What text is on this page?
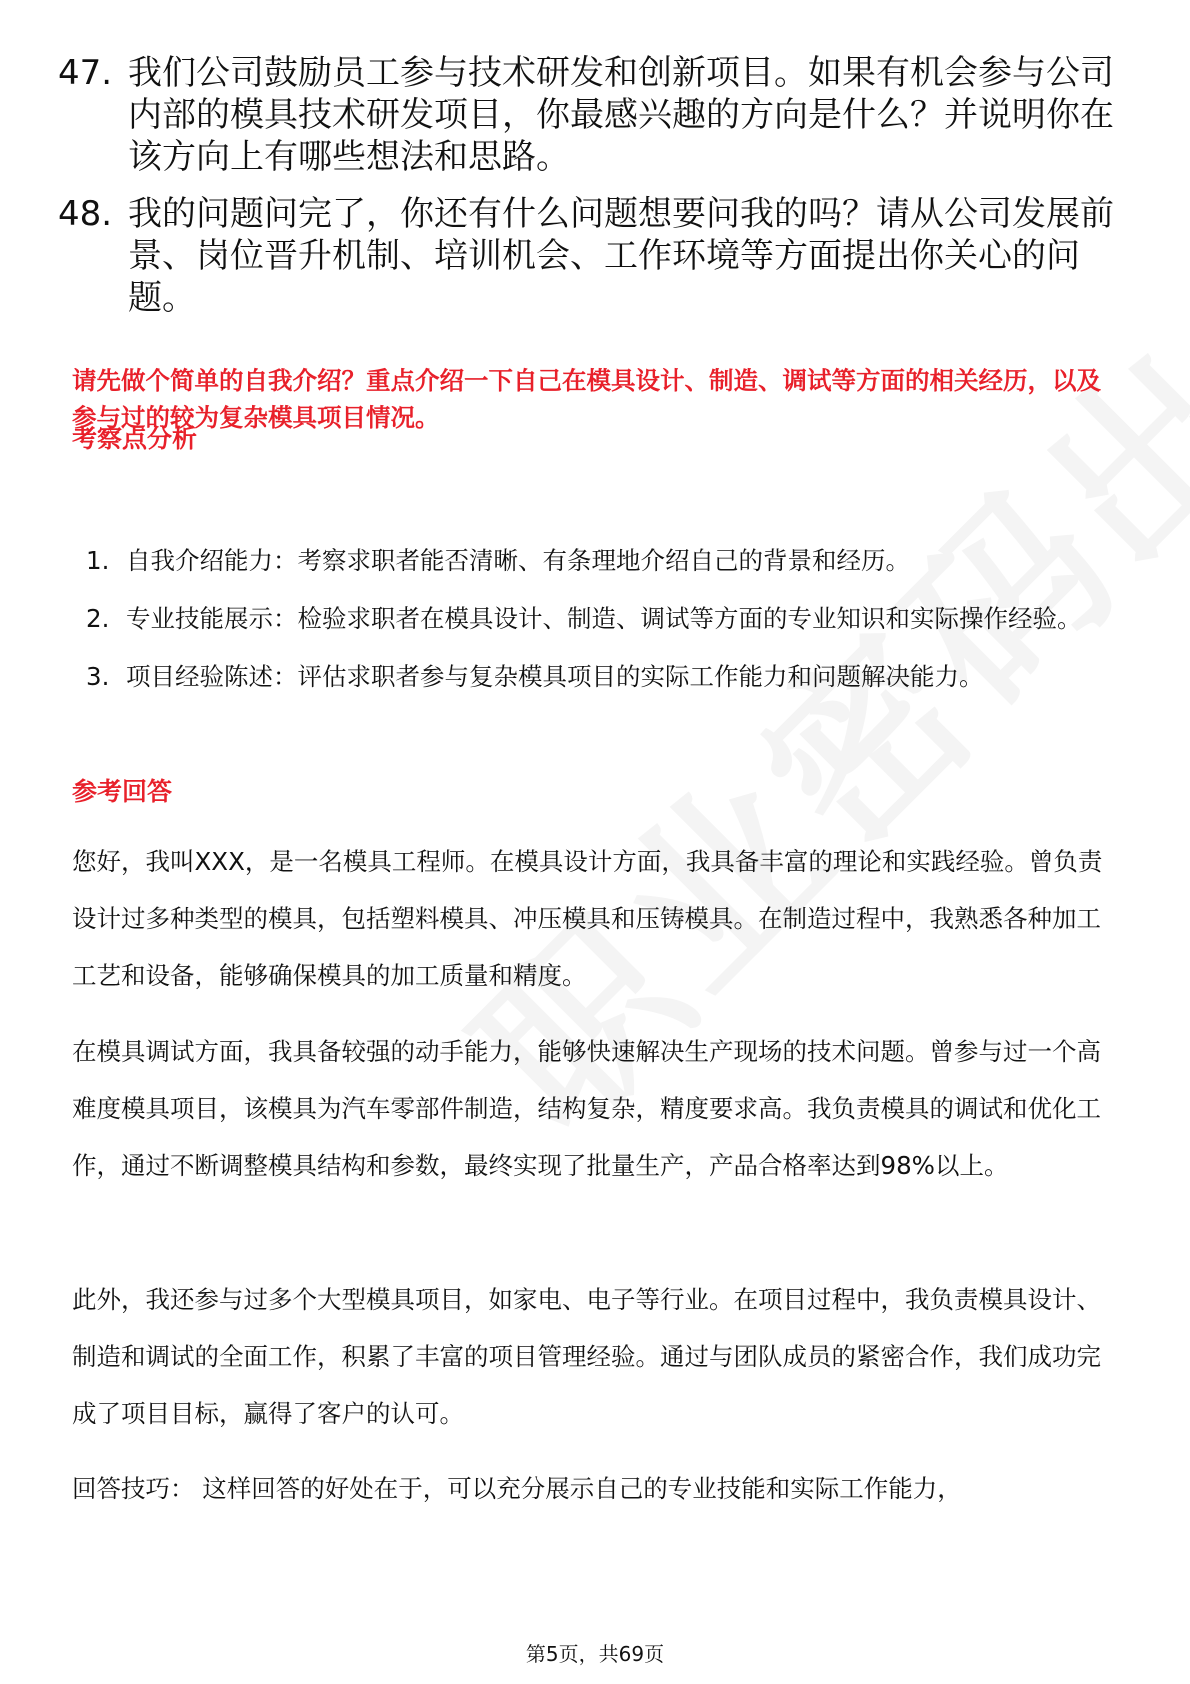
47. 我们公司鼓励员工参与技术研发和创新项目。如果有机会参与公司内部的模具技术研发项目，你最感兴趣的方向是什么？并说明你在该方向上有哪些想法和思路。
48. 我的问题问完了，你还有什么问题想要问我的吗？请从公司发展前景、岗位晋升机制、培训机会、工作环境等方面提出你关心的问题。
请先做个简单的自我介绍？重点介绍一下自己在模具设计、制造、调试等方面的相关经历，以及参与过的较为复杂模具项目情况。
考察点分析
1. 自我介绍能力：考察求职者能否清晰、有条理地介绍自己的背景和经历。
2. 专业技能展示：检验求职者在模具设计、制造、调试等方面的专业知识和实际操作经验。
3. 项目经验陈述：评估求职者参与复杂模具项目的实际工作能力和问题解决能力。
参考回答
您好，我叫XXX，是一名模具工程师。在模具设计方面，我具备丰富的理论和实践经验。曾负责设计过多种类型的模具，包括塑料模具、冲压模具和压铸模具。在制造过程中，我熟悉各种加工工艺和设备，能够确保模具的加工质量和精度。
在模具调试方面，我具备较强的动手能力，能够快速解决生产现场的技术问题。曾参与过一个高难度模具项目，该模具为汽车零部件制造，结构复杂，精度要求高。我负责模具的调试和优化工作，通过不断调整模具结构和参数，最终实现了批量生产，产品合格率达到98%以上。
此外，我还参与过多个大型模具项目，如家电、电子等行业。在项目过程中，我负责模具设计、制造和调试的全面工作，积累了丰富的项目管理经验。通过与团队成员的紧密合作，我们成功完成了项目目标，赢得了客户的认可。
回答技巧： 这样回答的好处在于，可以充分展示自己的专业技能和实际工作能力，
第5页，共69页
